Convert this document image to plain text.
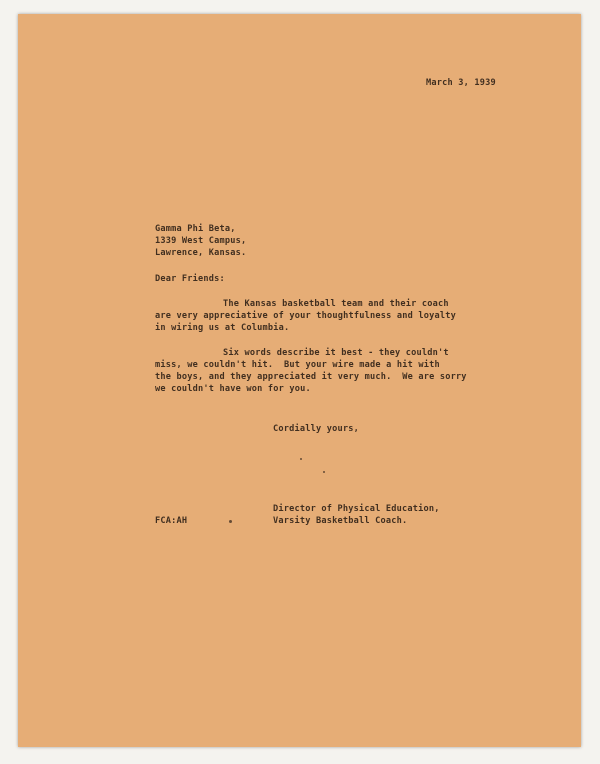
March 3, 1939
Gamma Phi Beta,
1339 West Campus,
Lawrence, Kansas.
Dear Friends:
The Kansas basketball team and their coach
are very appreciative of your thoughtfulness and loyalty
in wiring us at Columbia.
Six words describe it best - they couldn't
miss, we couldn't hit.  But your wire made a hit with
the boys, and they appreciated it very much.  We are sorry
we couldn't have won for you.
Cordially yours,
Director of Physical Education,
Varsity Basketball Coach.
FCA:AH
